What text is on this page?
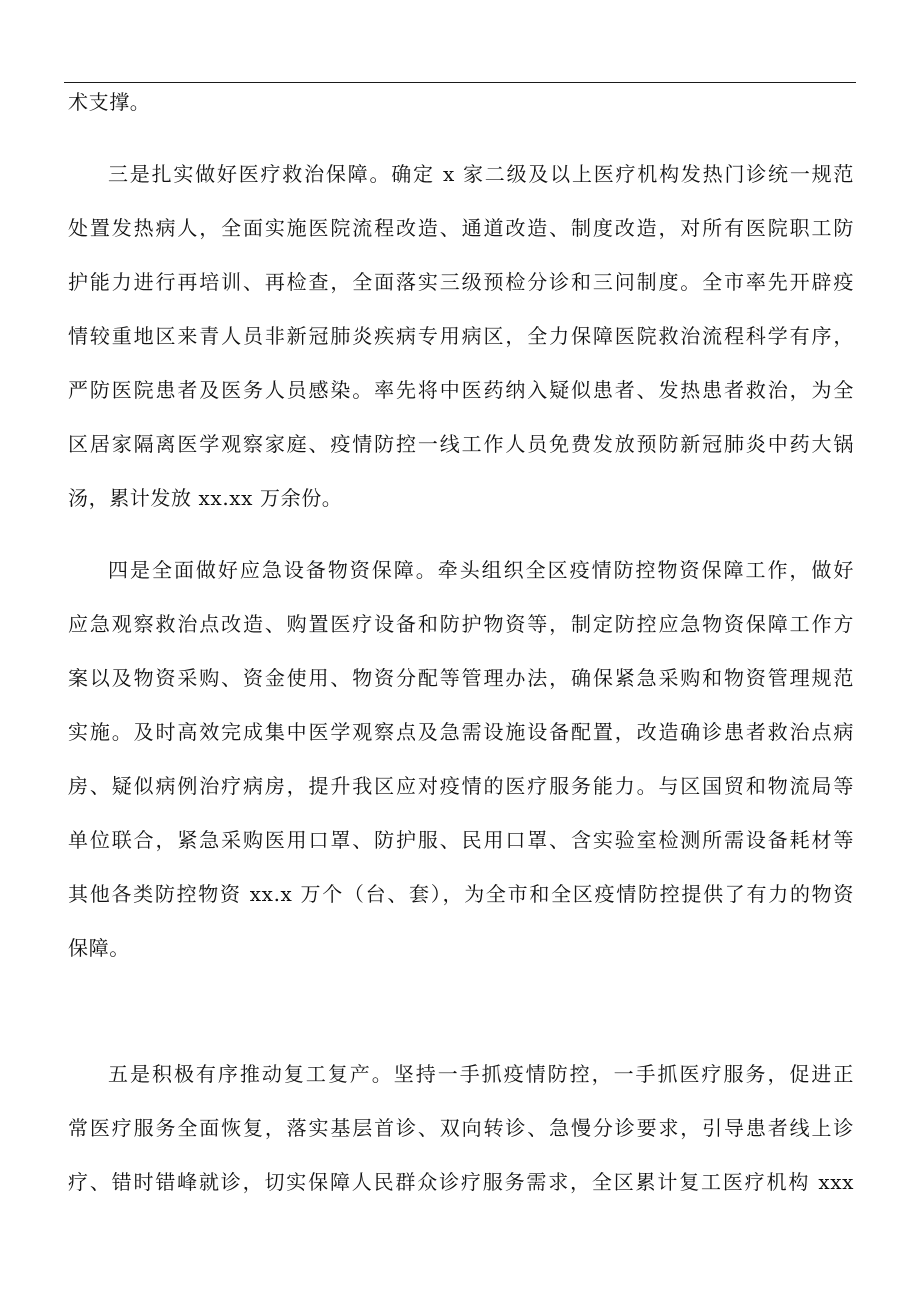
术支撑。
三是扎实做好医疗救治保障。确定 x 家二级及以上医疗机构发热门诊统一规范
处置发热病人，全面实施医院流程改造、通道改造、制度改造，对所有医院职工防
护能力进行再培训、再检查，全面落实三级预检分诊和三问制度。全市率先开辟疫
情较重地区来青人员非新冠肺炎疾病专用病区，全力保障医院救治流程科学有序，
严防医院患者及医务人员感染。率先将中医药纳入疑似患者、发热患者救治，为全
区居家隔离医学观察家庭、疫情防控一线工作人员免费发放预防新冠肺炎中药大锅
汤，累计发放 xx.xx 万余份。
四是全面做好应急设备物资保障。牵头组织全区疫情防控物资保障工作，做好
应急观察救治点改造、购置医疗设备和防护物资等，制定防控应急物资保障工作方
案以及物资采购、资金使用、物资分配等管理办法，确保紧急采购和物资管理规范
实施。及时高效完成集中医学观察点及急需设施设备配置，改造确诊患者救治点病
房、疑似病例治疗病房，提升我区应对疫情的医疗服务能力。与区国贸和物流局等
单位联合，紧急采购医用口罩、防护服、民用口罩、含实验室检测所需设备耗材等
其他各类防控物资 xx.x 万个（台、套），为全市和全区疫情防控提供了有力的物资
保障。
五是积极有序推动复工复产。坚持一手抓疫情防控，一手抓医疗服务，促进正
常医疗服务全面恢复，落实基层首诊、双向转诊、急慢分诊要求，引导患者线上诊
疗、错时错峰就诊，切实保障人民群众诊疗服务需求，全区累计复工医疗机构 xxx
